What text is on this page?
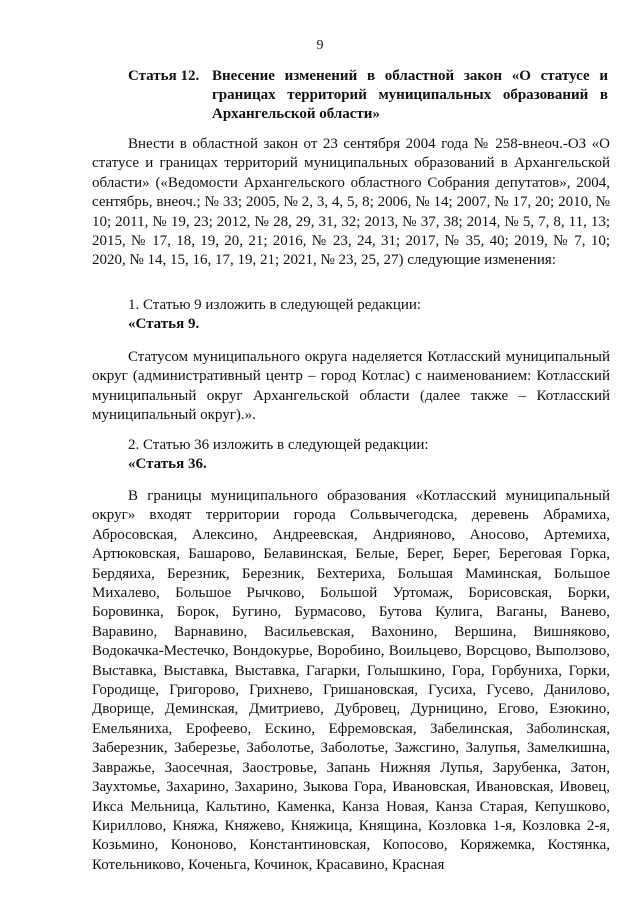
9
Статья 12. Внесение изменений в областной закон «О статусе и границах территорий муниципальных образований в Архангельской области»

Внести в областной закон от 23 сентября 2004 года № 258-внеоч.-ОЗ «О статусе и границах территорий муниципальных образований в Архангельской области» («Ведомости Архангельского областного Собрания депутатов», 2004, сентябрь, внеоч.; № 33; 2005, № 2, 3, 4, 5, 8; 2006, № 14; 2007, № 17, 20; 2010, № 10; 2011, № 19, 23; 2012, № 28, 29, 31, 32; 2013, № 37, 38; 2014, № 5, 7, 8, 11, 13; 2015, № 17, 18, 19, 20, 21; 2016, № 23, 24, 31; 2017, № 35, 40; 2019, № 7, 10; 2020, № 14, 15, 16, 17, 19, 21; 2021, № 23, 25, 27) следующие изменения:

1. Статью 9 изложить в следующей редакции:
«Статья 9.

Статусом муниципального округа наделяется Котласский муниципальный округ (административный центр – город Котлас) с наименованием: Котласский муниципальный округ Архангельской области (далее также – Котласский муниципальный округ).».

2. Статью 36 изложить в следующей редакции:
«Статья 36.

В границы муниципального образования «Котласский муниципальный округ» входят территории города Сольвычегодска, деревень Абрамиха, Абросовская, Алексино, Андреевская, Андрияново, Аносово, Артемиха, Артюковская, Башарово, Белавинская, Белые, Берег, Берег, Береговая Горка, Бердяиха, Березник, Березник, Бехтериха, Большая Маминская, Большое Михалево, Большое Рычково, Большой Уртомаж, Борисовская, Борки, Боровинка, Борок, Бугино, Бурмасово, Бутова Кулига, Ваганы, Ванево, Варавино, Варнавино, Васильевская, Вахонино, Вершина, Вишняково, Водокачка-Местечко, Вондокурье, Воробино, Воильцево, Ворсцово, Выползово, Выставка, Выставка, Выставка, Гагарки, Голышкино, Гора, Горбуниха, Горки, Городище, Григорово, Грихнево, Гришановская, Гусиха, Гусево, Данилово, Дворище, Деминская, Дмитриево, Дубровец, Дурницино, Егово, Езюкино, Емельяниха, Ерофеево, Ескино, Ефремовская, Забелинская, Заболинская, Заберезник, Заберезье, Заболотье, Заболотье, Зажсгино, Залупья, Замелкишна, Завражье, Заосечная, Заостровье, Запань Нижняя Лупья, Зарубенка, Затон, Заухтомье, Захарино, Захарино, Зыкова Гора, Ивановская, Ивановская, Ивовец, Икса Мельница, Кальтино, Каменка, Канза Новая, Канза Старая, Кепушково, Кириллово, Княжа, Княжево, Княжица, Княщина, Козловка 1-я, Козловка 2-я, Козьмино, Кононово, Константиновская, Копосово, Коряжемка, Костянка, Котельниково, Коченьга, Кочинок, Красавино, Красная
